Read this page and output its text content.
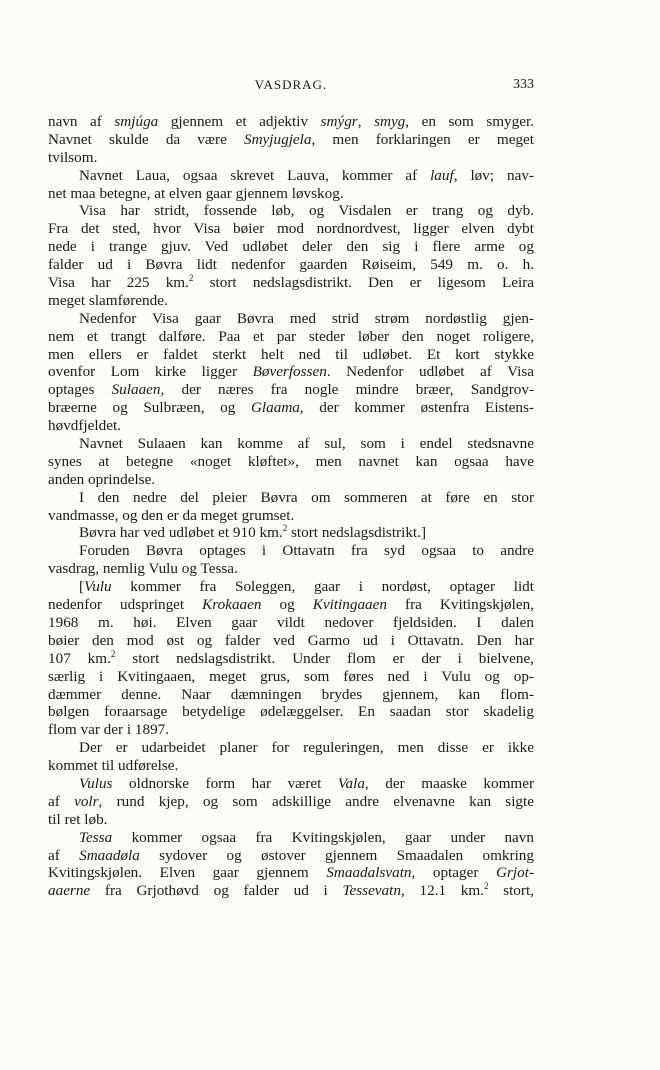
VASDRAG.	333
navn af smjúga gjennem et adjektiv smýgr, smyg, en som smyger.
Navnet skulde da være Smyjugjela, men forklaringen er meget
tvilsom.
Navnet Laua, ogsaa skrevet Lauva, kommer af lauf, løv; nav-
net maa betegne, at elven gaar gjennem løvskog.
Visa har stridt, fossende løb, og Visdalen er trang og dyb.
Fra det sted, hvor Visa bøier mod nordnordvest, ligger elven dybt
nede i trange gjuv. Ved udløbet deler den sig i flere arme og
falder ud i Bøvra lidt nedenfor gaarden Røiseim, 549 m. o. h.
Visa har 225 km.$^2$ stort nedslagsdistrikt. Den er ligesom Leira
meget slamførende.
Nedenfor Visa gaar Bøvra med strid strøm nordøstlig gjen-
nem et trangt dalføre. Paa et par steder løber den noget roligere,
men ellers er faldet sterkt helt ned til udløbet. Et kort stykke
ovenfor Lom kirke ligger Bøverfossen. Nedenfor udløbet af Visa
optages Sulaaen, der næres fra nogle mindre bræer, Sandgrov-
bræerne og Sulbræen, og Glaama, der kommer østenfra Eistens-
høvdfjeldet.
Navnet Sulaaen kan komme af sul, som i endel stedsnavne
synes at betegne «noget kløftet», men navnet kan ogsaa have
anden oprindelse.
I den nedre del pleier Bøvra om sommeren at føre en stor
vandmasse, og den er da meget grumset.
Bøvra har ved udløbet et 910 km.$^2$ stort nedslagsdistrikt.]
Foruden Bøvra optages i Ottavatn fra syd ogsaa to andre
vasdrag, nemlig Vulu og Tessa.
[Vulu kommer fra Soleggen, gaar i nordøst, optager lidt
nedenfor udspringet Krokaaen og Kvitingaaen fra Kvitingskjølen,
1968 m. høi. Elven gaar vildt nedover fjeldsiden. I dalen
bøier den mod øst og falder ved Garmo ud i Ottavatn. Den har
107 km.$^2$ stort nedslagsdistrikt. Under flom er der i bielvene,
særlig i Kvitingaaen, meget grus, som føres ned i Vulu og op-
dæmmer denne. Naar dæmningen brydes gjennem, kan flom-
bølgen foraarsage betydelige ødelæggelser. En saadan stor skadelig
flom var der i 1897.
Der er udarbeidet planer for reguleringen, men disse er ikke
kommet til udførelse.
Vulus oldnorske form har været Vala, der maaske kommer
af volr, rund kjep, og som adskillige andre elvenavne kan sigte
til ret løb.
Tessa kommer ogsaa fra Kvitingskjølen, gaar under navn
af Smaadøla sydover og østover gjennem Smaadalen omkring
Kvitingskjølen. Elven gaar gjennem Smaadalsvatn, optager Grjot-
aaerne fra Grjothøvd og falder ud i Tessevatn, 12.1 km.$^2$ stort,
